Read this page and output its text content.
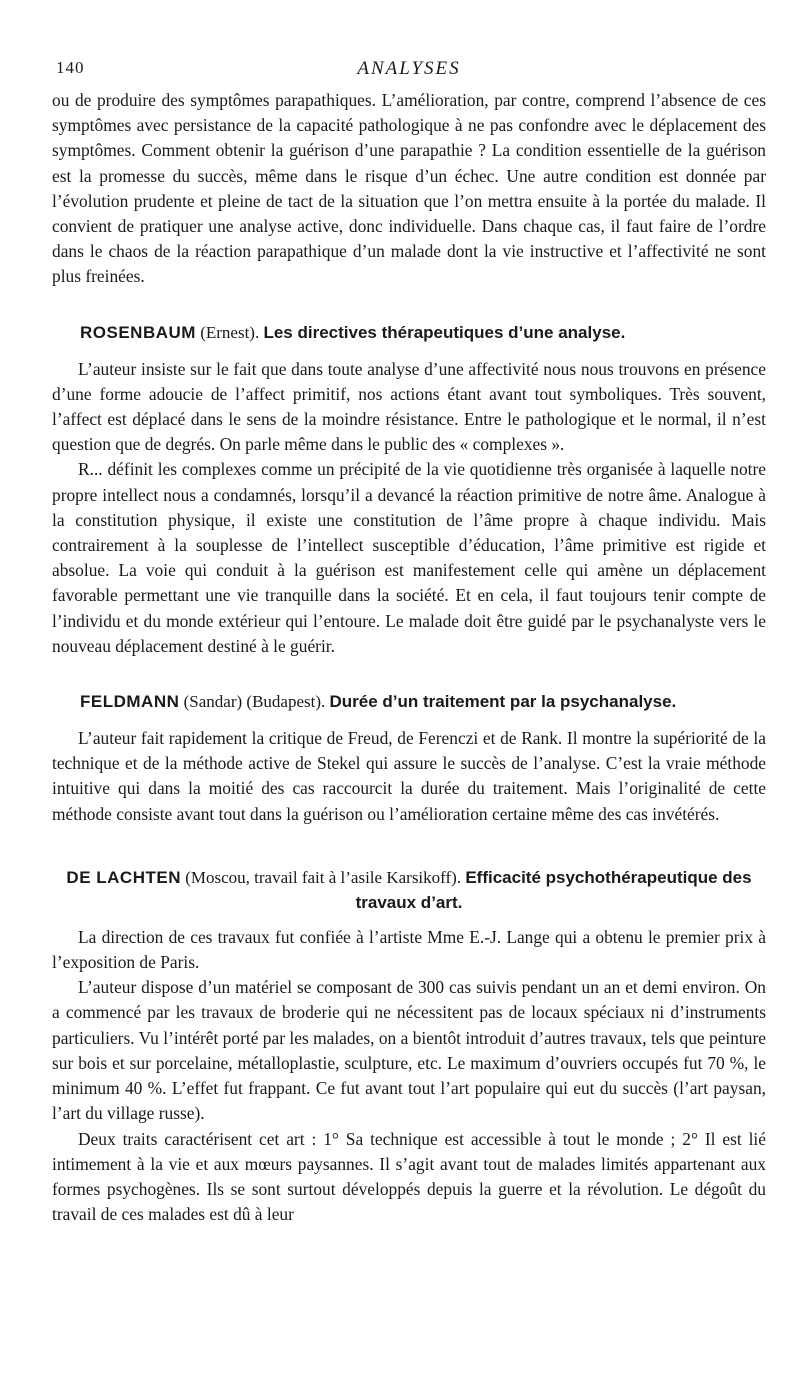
140	ANALYSES

ou de produire des symptômes parapathiques. L’amélioration, par contre, comprend l’absence de ces symptômes avec persistance de la capacité pathologique à ne pas confondre avec le déplacement des symptômes. Comment obtenir la guérison d’une parapathie ? La condition essentielle de la guérison est la promesse du succès, même dans le risque d’un échec. Une autre condition est donnée par l’évolution prudente et pleine de tact de la situation que l’on mettra ensuite à la portée du malade. Il convient de pratiquer une analyse active, donc individuelle. Dans chaque cas, il faut faire de l’ordre dans le chaos de la réaction parapathique d’un malade dont la vie instructive et l’affectivité ne sont plus freinées.

ROSENBAUM (Ernest). Les directives thérapeutiques d’une analyse.

L’auteur insiste sur le fait que dans toute analyse d’une affectivité nous nous trouvons en présence d’une forme adoucie de l’affect primitif, nos actions étant avant tout symboliques. Très souvent, l’affect est déplacé dans le sens de la moindre résistance. Entre le pathologique et le normal, il n’est question que de degrés. On parle même dans le public des « complexes ».

R... définit les complexes comme un précipité de la vie quotidienne très organisée à laquelle notre propre intellect nous a condamnés, lorsqu’il a devancé la réaction primitive de notre âme. Analogue à la constitution physique, il existe une constitution de l’âme propre à chaque individu. Mais contrairement à la souplesse de l’intellect susceptible d’éducation, l’âme primitive est rigide et absolue. La voie qui conduit à la guérison est manifestement celle qui amène un déplacement favorable permettant une vie tranquille dans la société. Et en cela, il faut toujours tenir compte de l’individu et du monde extérieur qui l’entoure. Le malade doit être guidé par le psychanalyste vers le nouveau déplacement destiné à le guérir.

FELDMANN (Sandar) (Budapest). Durée d’un traitement par la psychanalyse.

L’auteur fait rapidement la critique de Freud, de Ferenczi et de Rank. Il montre la supériorité de la technique et de la méthode active de Stekel qui assure le succès de l’analyse. C’est la vraie méthode intuitive qui dans la moitié des cas raccourcit la durée du traitement. Mais l’originalité de cette méthode consiste avant tout dans la guérison ou l’amélioration certaine même des cas invétérés.

DE LACHTEN (Moscou, travail fait à l’asile Karsikoff). Efficacité psychothérapeutique des travaux d’art.

La direction de ces travaux fut confiée à l’artiste Mme E.-J. Lange qui a obtenu le premier prix à l’exposition de Paris.

L’auteur dispose d’un matériel se composant de 300 cas suivis pendant un an et demi environ. On a commencé par les travaux de broderie qui ne nécessitent pas de locaux spéciaux ni d’instruments particuliers. Vu l’intérêt porté par les malades, on a bientôt introduit d’autres travaux, tels que peinture sur bois et sur porcelaine, métalloplastie, sculpture, etc. Le maximum d’ouvriers occupés fut 70 %, le minimum 40 %. L’effet fut frappant. Ce fut avant tout l’art populaire qui eut du succès (l’art paysan, l’art du village russe).

Deux traits caractérisent cet art : 1° Sa technique est accessible à tout le monde ; 2° Il est lié intimement à la vie et aux mœurs paysannes. Il s’agit avant tout de malades limités appartenant aux formes psychogènes. Ils se sont surtout développés depuis la guerre et la révolution. Le dégoût du travail de ces malades est dû à leur
